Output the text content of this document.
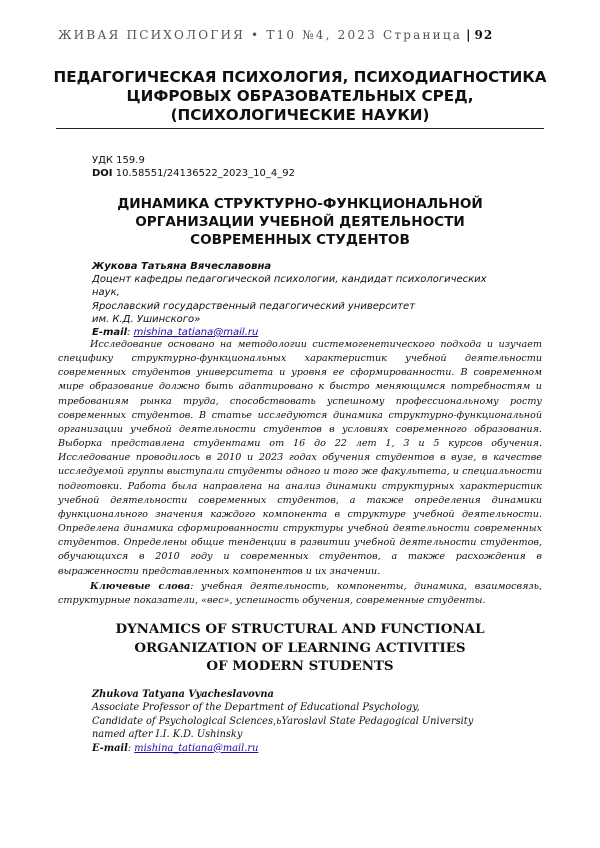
ЖИВАЯ ПСИХОЛОГИЯ • Т10 №4, 2023 Страница | 92
ПЕДАГОГИЧЕСКАЯ ПСИХОЛОГИЯ, ПСИХОДИАГНОСТИКА
ЦИФРОВЫХ ОБРАЗОВАТЕЛЬНЫХ СРЕД,
(ПСИХОЛОГИЧЕСКИЕ НАУКИ)
УДК 159.9
DOI 10.58551/24136522_2023_10_4_92
ДИНАМИКА СТРУКТУРНО-ФУНКЦИОНАЛЬНОЙ
ОРГАНИЗАЦИИ УЧЕБНОЙ ДЕЯТЕЛЬНОСТИ
СОВРЕМЕННЫХ СТУДЕНТОВ
Жукова Татьяна Вячеславовна
Доцент кафедры педагогической психологии, кандидат психологических наук,
Ярославский государственный педагогический университет
им. К.Д. Ушинского»
E-mail: mishina_tatiana@mail.ru

Исследование основано на методологии системогенетического подхода и изучает специфику структурно-функциональных характеристик учебной деятельности современных студентов университета и уровня ее сформированности. В современном мире образование должно быть адаптировано к быстро меняющимся потребностям и требованиям рынка труда, способствовать успешному профессиональному росту современных студентов. В статье исследуются динамика структурно-функциональной организации учебной деятельности студентов в условиях современного образования. Выборка представлена студентами от 16 до 22 лет 1, 3 и 5 курсов обучения. Исследование проводилось в 2010 и 2023 годах обучения студентов в вузе, в качестве исследуемой группы выступали студенты одного и того же факультета, и специальности подготовки. Работа была направлена на анализ динамики структурных характеристик учебной деятельности современных студентов, а также определения динамики функционального значения каждого компонента в структуре учебной деятельности. Определена динамика сформированности структуры учебной деятельности современных студентов. Определены общие тенденции в развитии учебной деятельности студентов, обучающихся в 2010 году и современных студентов, а также расхождения в выраженности представленных компонентов и их значении.

Ключевые слова: учебная деятельность, компоненты, динамика, взаимосвязь, структурные показатели, «вес», успешность обучения, современные студенты.
DYNAMICS OF STRUCTURAL AND FUNCTIONAL
ORGANIZATION OF LEARNING ACTIVITIES
OF MODERN STUDENTS
Zhukova Tatyana Vyacheslavovna
Associate Professor of the Department of Educational Psychology,
Candidate of Psychological Sciences,ьYaroslavl State Pedagogical University
named after I.I. K.D. Ushinsky
E-mail: mishina_tatiana@mail.ru
